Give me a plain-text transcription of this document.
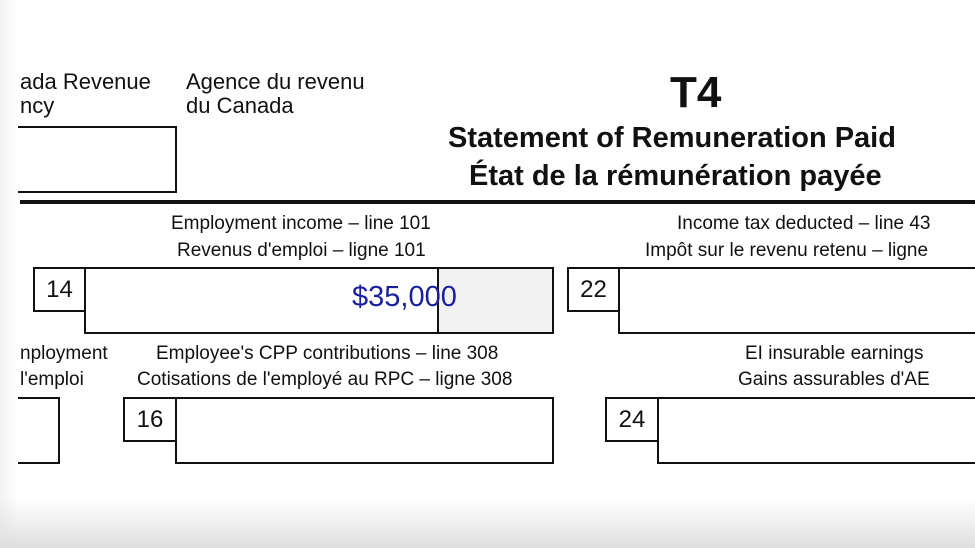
ada Revenue
ncy
Agence du revenu
du Canada	T4
Statement of Remuneration Paid
État de la rémunération payée
Employment income – line 101
Revenus d'emploi – ligne 101
$35,000
14
Income tax deducted – line 43
Impôt sur le revenu retenu – ligne
22
nployment
l'emploi
Employee's CPP contributions – line 308
Cotisations de l'employé au RPC – ligne 308
16
EI insurable earnings
Gains assurables d'AE
24
